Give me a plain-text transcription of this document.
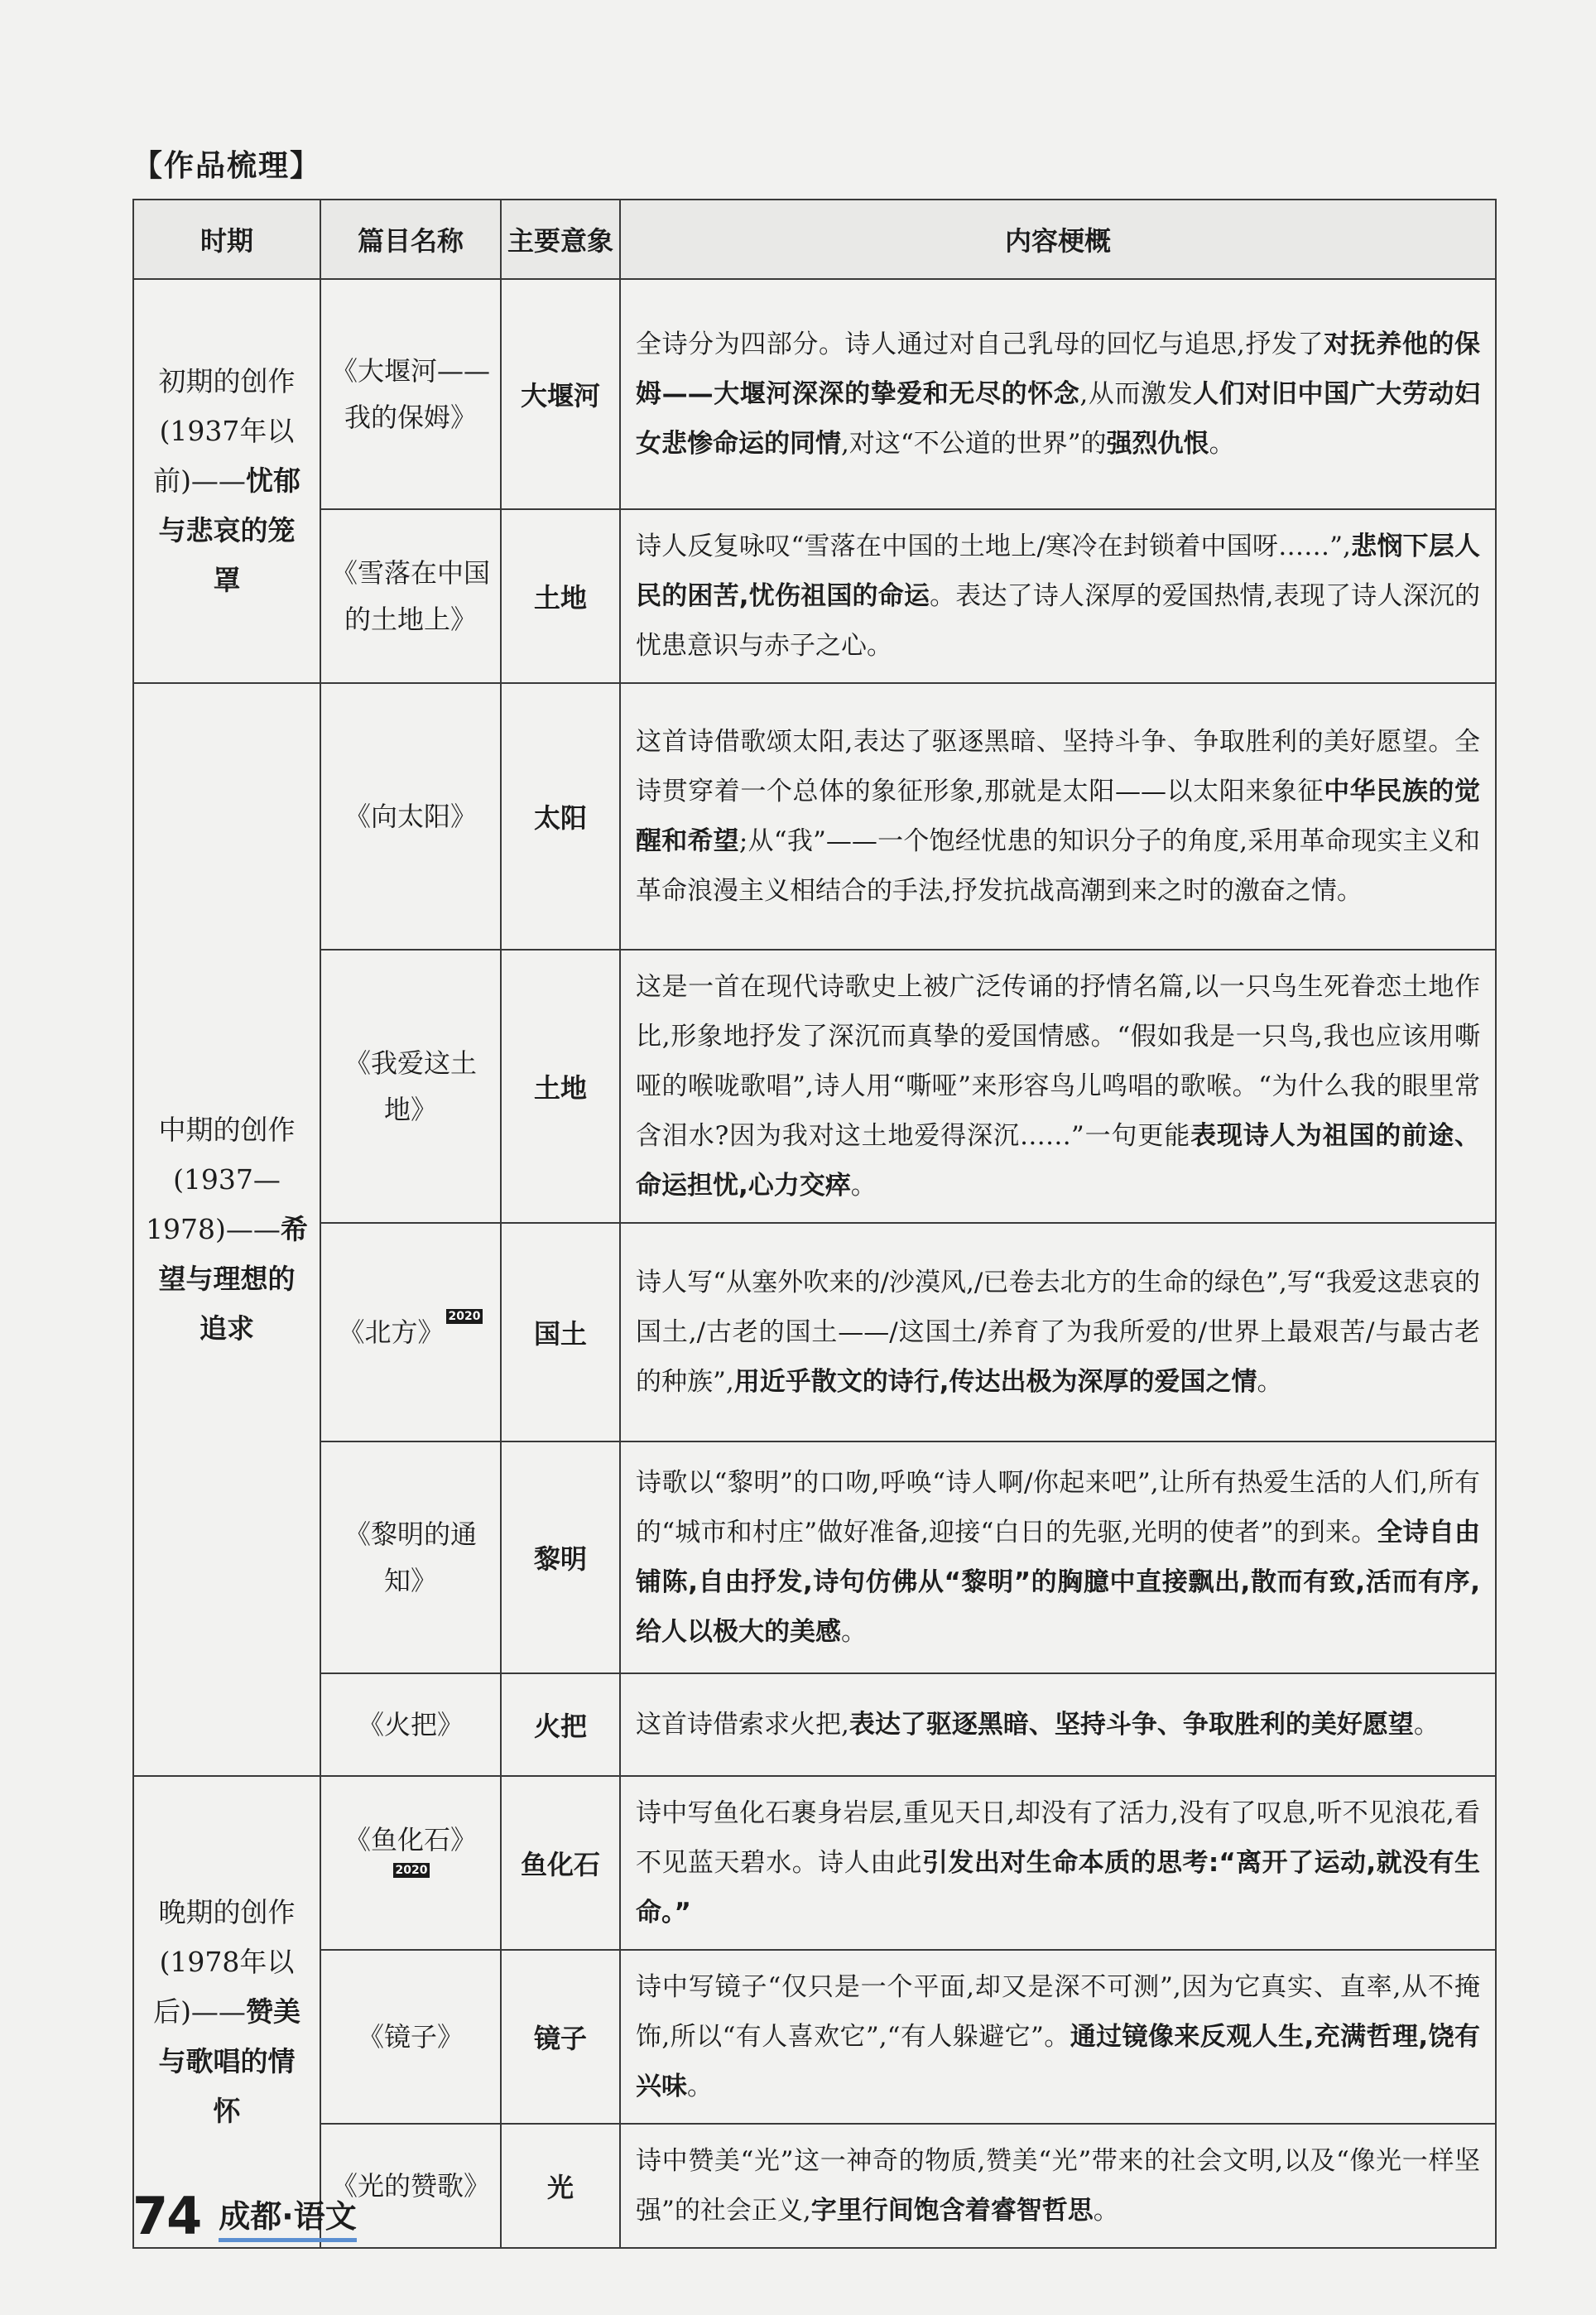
【作品梳理】
时期	篇目名称	主要意象	内容梗概
初期的创作(1937年以前)——忧郁与悲哀的笼罩	《大堰河——我的保姆》	大堰河	全诗分为四部分。诗人通过对自己乳母的回忆与追思,抒发了对抚养他的保姆——大堰河深深的挚爱和无尽的怀念,从而激发人们对旧中国广大劳动妇女悲惨命运的同情,对这“不公道的世界”的强烈仇恨。
	《雪落在中国的土地上》	土地	诗人反复咏叹“雪落在中国的土地上/寒冷在封锁着中国呀……”,悲悯下层人民的困苦,忧伤祖国的命运。表达了诗人深厚的爱国热情,表现了诗人深沉的忧患意识与赤子之心。
中期的创作(1937—1978)——希望与理想的追求	《向太阳》	太阳	这首诗借歌颂太阳,表达了驱逐黑暗、坚持斗争、争取胜利的美好愿望。全诗贯穿着一个总体的象征形象,那就是太阳——以太阳来象征中华民族的觉醒和希望;从“我”——一个饱经忧患的知识分子的角度,采用革命现实主义和革命浪漫主义相结合的手法,抒发抗战高潮到来之时的激奋之情。
	《我爱这土地》	土地	这是一首在现代诗歌史上被广泛传诵的抒情名篇,以一只鸟生死眷恋土地作比,形象地抒发了深沉而真挚的爱国情感。“假如我是一只鸟,我也应该用嘶哑的喉咙歌唱”,诗人用“嘶哑”来形容鸟儿鸣唱的歌喉。“为什么我的眼里常含泪水?因为我对这土地爱得深沉……”一句更能表现诗人为祖国的前途、命运担忧,心力交瘁。
	《北方》 2020	国土	诗人写“从塞外吹来的/沙漠风,/已卷去北方的生命的绿色”,写“我爱这悲哀的国土,/古老的国土——/这国土/养育了为我所爱的/世界上最艰苦/与最古老的种族”,用近乎散文的诗行,传达出极为深厚的爱国之情。
	《黎明的通知》	黎明	诗歌以“黎明”的口吻,呼唤“诗人啊/你起来吧”,让所有热爱生活的人们,所有的“城市和村庄”做好准备,迎接“白日的先驱,光明的使者”的到来。全诗自由铺陈,自由抒发,诗句仿佛从“黎明”的胸臆中直接飘出,散而有致,活而有序,给人以极大的美感。
	《火把》	火把	这首诗借索求火把,表达了驱逐黑暗、坚持斗争、争取胜利的美好愿望。
晚期的创作(1978年以后)——赞美与歌唱的情怀	《鱼化石》2020	鱼化石	诗中写鱼化石裹身岩层,重见天日,却没有了活力,没有了叹息,听不见浪花,看不见蓝天碧水。诗人由此引发出对生命本质的思考:“离开了运动,就没有生命。”
	《镜子》	镜子	诗中写镜子“仅只是一个平面,却又是深不可测”,因为它真实、直率,从不掩饰,所以“有人喜欢它”,“有人躲避它”。通过镜像来反观人生,充满哲理,饶有兴味。
	《光的赞歌》	光	诗中赞美“光”这一神奇的物质,赞美“光”带来的社会文明,以及“像光一样坚强”的社会正义,字里行间饱含着睿智哲思。
74 成都·语文
